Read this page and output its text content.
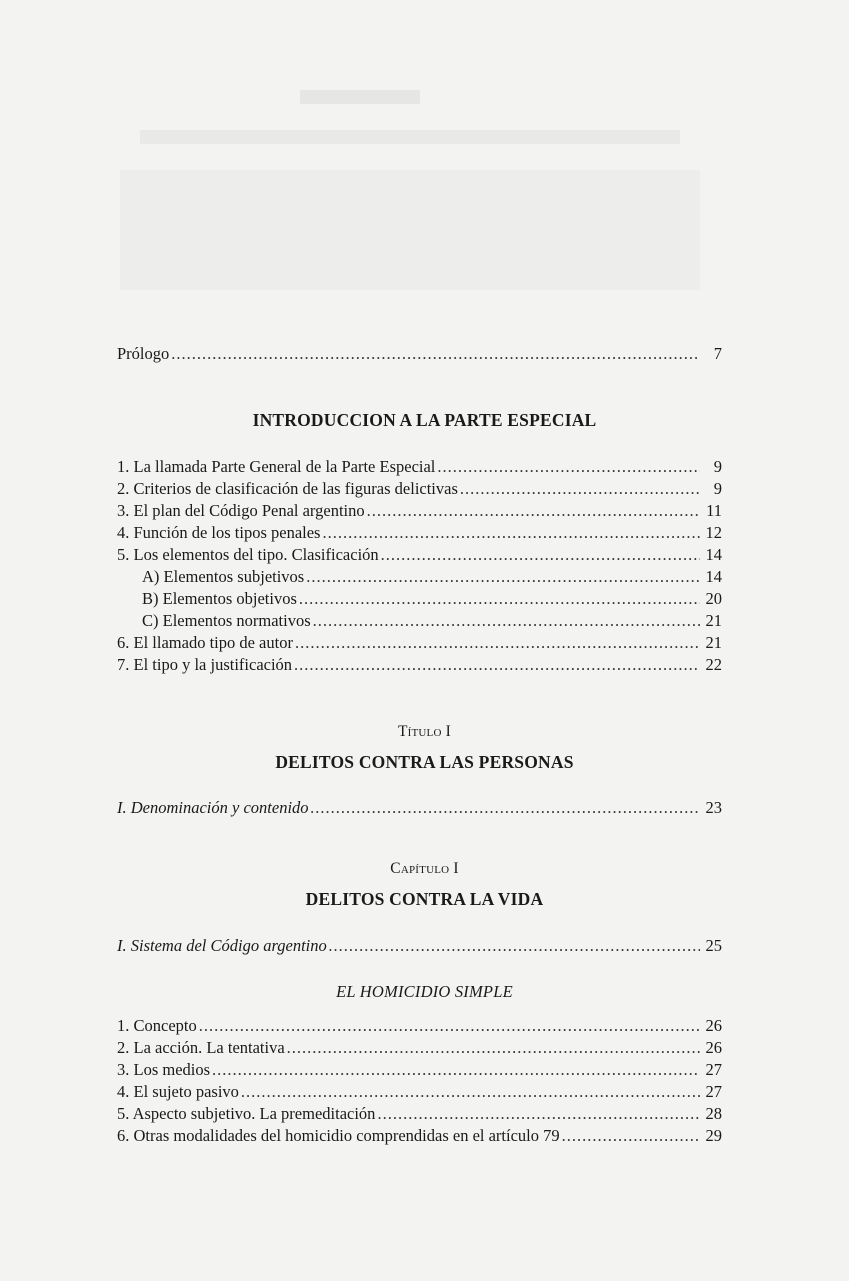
Prólogo .....	7
INTRODUCCION A LA PARTE ESPECIAL
1. La llamada Parte General de la Parte Especial .....	9
2. Criterios de clasificación de las figuras delictivas .....	9
3. El plan del Código Penal argentino .....	11
4. Función de los tipos penales .....	12
5. Los elementos del tipo. Clasificación .....	14
A) Elementos subjetivos .....	14
B) Elementos objetivos .....	20
C) Elementos normativos .....	21
6. El llamado tipo de autor .....	21
7. El tipo y la justificación .....	22
Título I
DELITOS CONTRA LAS PERSONAS
I. Denominación y contenido .....	23
Capítulo I
DELITOS CONTRA LA VIDA
I. Sistema del Código argentino .....	25
EL HOMICIDIO SIMPLE
1. Concepto .....	26
2. La acción. La tentativa .....	26
3. Los medios .....	27
4. El sujeto pasivo .....	27
5. Aspecto subjetivo. La premeditación .....	28
6. Otras modalidades del homicidio comprendidas en el artículo 79 .....	29
